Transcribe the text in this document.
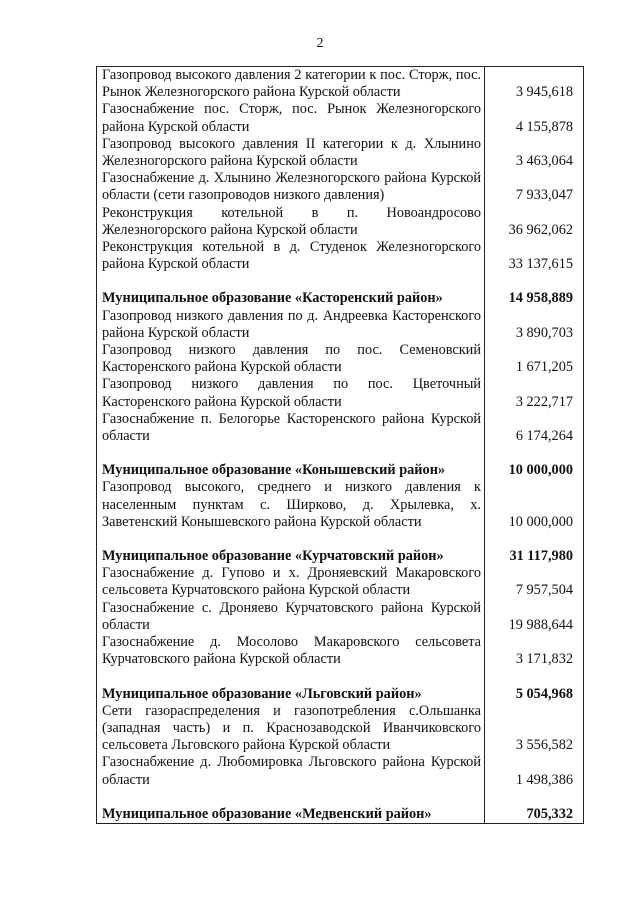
2
Газопровод высокого давления 2 категории к пос. Сторж, пос. Рынок Железногорского района Курской области	3 945,618
Газоснабжение пос. Сторж, пос. Рынок Железногорского района Курской области	4 155,878
Газопровод высокого давления II категории к д. Хлынино Железногорского района Курской области	3 463,064
Газоснабжение д. Хлынино Железногорского района Курской области (сети газопроводов низкого давления)	7 933,047
Реконструкция котельной в п. Новоандросово Железногорского района Курской области	36 962,062
Реконструкция котельной в д. Студенок Железногорского района Курской области	33 137,615

Муниципальное образование «Касторенский район»	14 958,889
Газопровод низкого давления по д. Андреевка Касторенского района Курской области	3 890,703
Газопровод низкого давления по пос. Семеновский Касторенского района Курской области	1 671,205
Газопровод низкого давления по пос. Цветочный Касторенского района Курской области	3 222,717
Газоснабжение п. Белогорье Касторенского района Курской области	6 174,264

Муниципальное образование «Конышевский район»	10 000,000
Газопровод высокого, среднего и низкого давления к населенным пунктам с. Ширково, д. Хрылевка, х. Заветенский Конышевского района Курской области	10 000,000

Муниципальное образование «Курчатовский район»	31 117,980
Газоснабжение д. Гупово и х. Дроняевский Макаровского сельсовета Курчатовского района Курской области	7 957,504
Газоснабжение с. Дроняево Курчатовского района Курской области	19 988,644
Газоснабжение д. Мосолово Макаровского сельсовета Курчатовского района Курской области	3 171,832

Муниципальное образование «Льговский район»	5 054,968
Сети газораспределения и газопотребления с.Ольшанка (западная часть) и п. Краснозаводской Иванчиковского сельсовета Льговского района Курской области	3 556,582
Газоснабжение д. Любомировка Льговского района Курской области	1 498,386

Муниципальное образование «Медвенский район»	705,332
